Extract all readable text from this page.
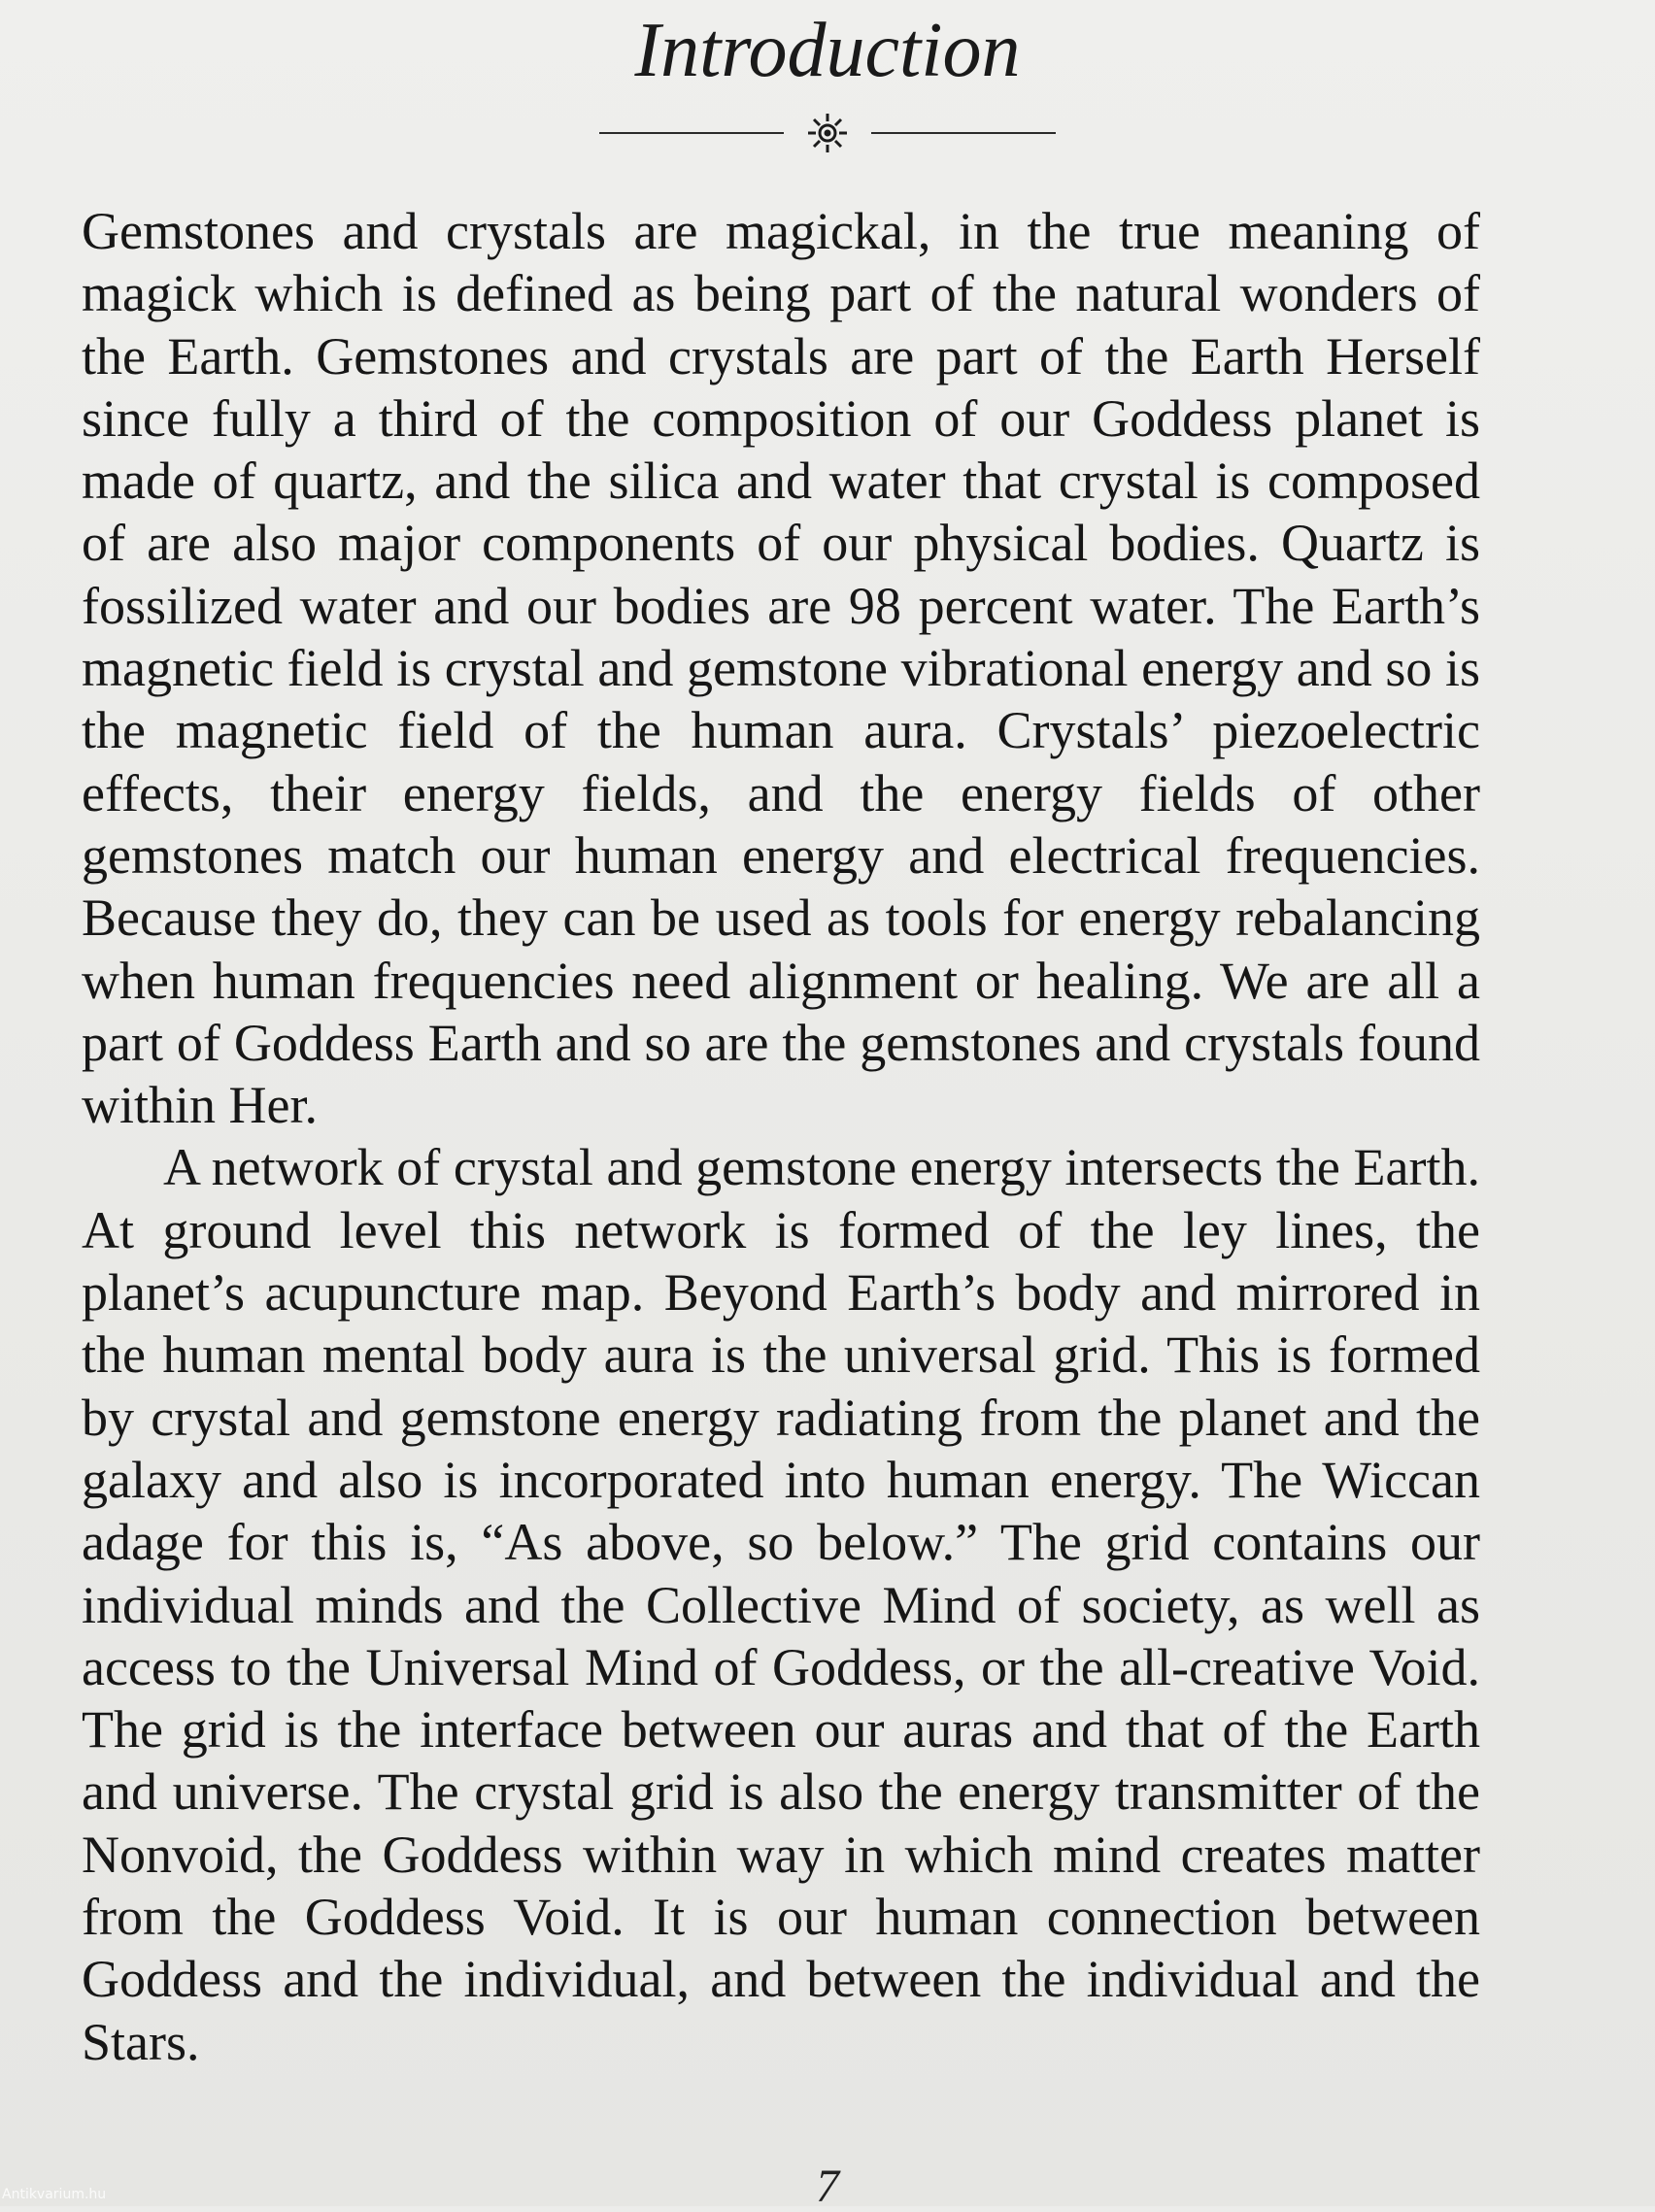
Introduction

Gemstones and crystals are magickal, in the true meaning of magick which is defined as being part of the natural wonders of the Earth. Gemstones and crystals are part of the Earth Herself since fully a third of the composition of our Goddess planet is made of quartz, and the silica and water that crystal is composed of are also major components of our physical bodies. Quartz is fossilized water and our bodies are 98 percent water. The Earth’s magnetic field is crystal and gemstone vibrational energy and so is the magnetic field of the human aura. Crystals’ piezoelectric effects, their energy fields, and the energy fields of other gemstones match our human energy and electrical frequencies. Because they do, they can be used as tools for energy rebalancing when human frequencies need alignment or healing. We are all a part of Goddess Earth and so are the gemstones and crystals found within Her.

A network of crystal and gemstone energy intersects the Earth. At ground level this network is formed of the ley lines, the planet’s acupuncture map. Beyond Earth’s body and mirrored in the human mental body aura is the universal grid. This is formed by crystal and gemstone energy radiating from the planet and the galaxy and also is incorporated into human energy. The Wiccan adage for this is, “As above, so below.” The grid contains our individual minds and the Collective Mind of society, as well as access to the Universal Mind of Goddess, or the all-creative Void. The grid is the interface between our auras and that of the Earth and universe. The crystal grid is also the energy transmitter of the Nonvoid, the Goddess within way in which mind creates matter from the Goddess Void. It is our human connection between Goddess and the individual, and between the individual and the Stars.

7
Antikvarium.hu
